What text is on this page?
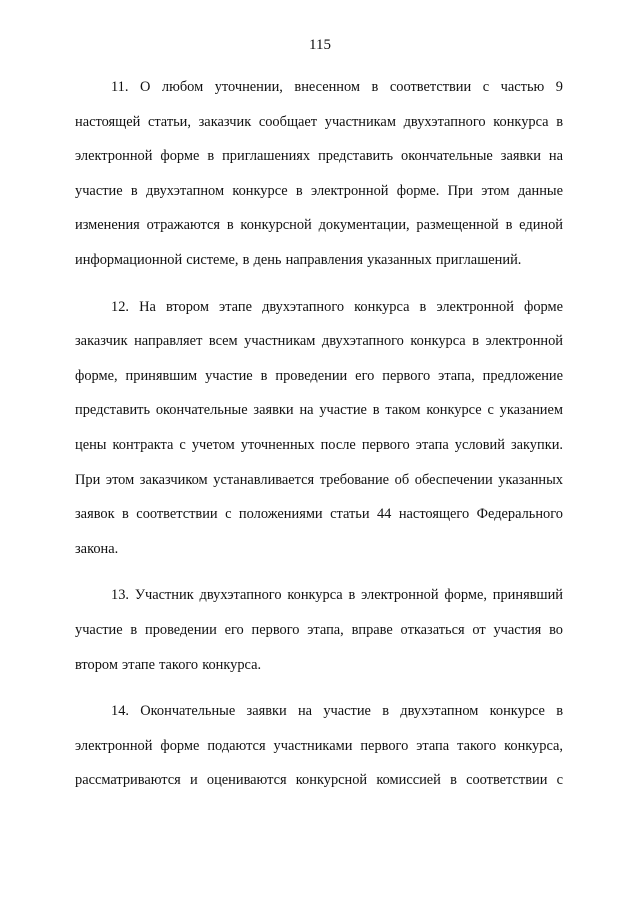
115

11. О любом уточнении, внесенном в соответствии с частью 9 настоящей статьи, заказчик сообщает участникам двухэтапного конкурса в электронной форме в приглашениях представить окончательные заявки на участие в двухэтапном конкурсе в электронной форме. При этом данные изменения отражаются в конкурсной документации, размещенной в единой информационной системе, в день направления указанных приглашений.

12. На втором этапе двухэтапного конкурса в электронной форме заказчик направляет всем участникам двухэтапного конкурса в электронной форме, принявшим участие в проведении его первого этапа, предложение представить окончательные заявки на участие в таком конкурсе с указанием цены контракта с учетом уточненных после первого этапа условий закупки. При этом заказчиком устанавливается требование об обеспечении указанных заявок в соответствии с положениями статьи 44 настоящего Федерального закона.

13. Участник двухэтапного конкурса в электронной форме, принявший участие в проведении его первого этапа, вправе отказаться от участия во втором этапе такого конкурса.

14. Окончательные заявки на участие в двухэтапном конкурсе в электронной форме подаются участниками первого этапа такого конкурса, рассматриваются и оцениваются конкурсной комиссией в соответствии с
